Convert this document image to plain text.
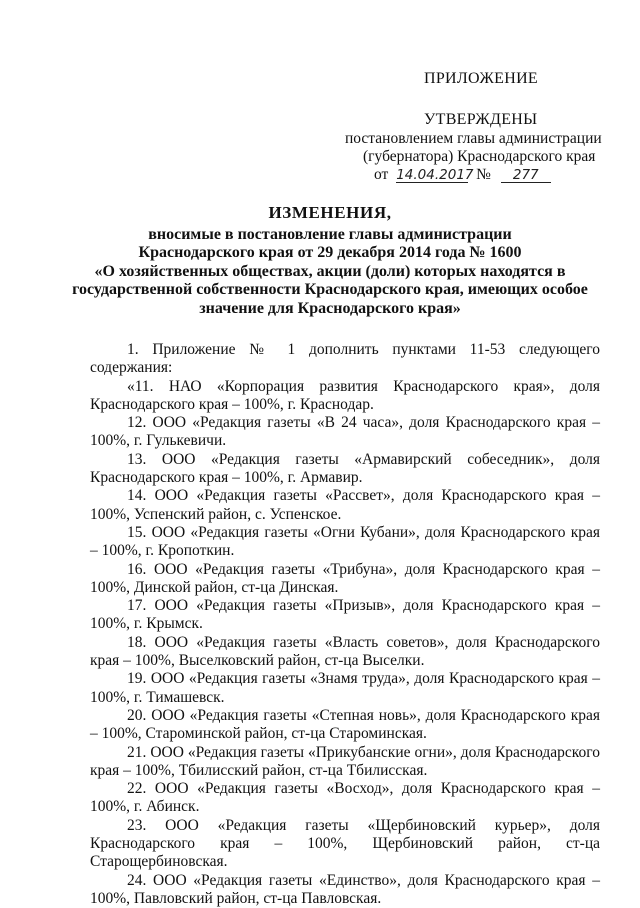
ПРИЛОЖЕНИЕ
УТВЕРЖДЕНЫ
постановлением главы администрации
(губернатора) Краснодарского края
от 14.04.2017 № 277
ИЗМЕНЕНИЯ,
вносимые в постановление главы администрации
Краснодарского края от 29 декабря 2014 года № 1600
«О хозяйственных обществах, акции (доли) которых находятся в
государственной собственности Краснодарского края, имеющих особое
значение для Краснодарского края»

1. Приложение № 1 дополнить пунктами 11-53 следующего содержания:

«11. НАО «Корпорация развития Краснодарского края», доля Краснодарского края – 100%, г. Краснодар.

12. ООО «Редакция газеты «В 24 часа», доля Краснодарского края – 100%, г. Гулькевичи.

13. ООО «Редакция газеты «Армавирский собеседник», доля Краснодарского края – 100%, г. Армавир.

14. ООО «Редакция газеты «Рассвет», доля Краснодарского края – 100%, Успенский район, с. Успенское.

15. ООО «Редакция газеты «Огни Кубани», доля Краснодарского края – 100%, г. Кропоткин.

16. ООО «Редакция газеты «Трибуна», доля Краснодарского края – 100%, Динской район, ст-ца Динская.

17. ООО «Редакция газеты «Призыв», доля Краснодарского края – 100%, г. Крымск.

18. ООО «Редакция газеты «Власть советов», доля Краснодарского края – 100%, Выселковский район, ст-ца Выселки.

19. ООО «Редакция газеты «Знамя труда», доля Краснодарского края – 100%, г. Тимашевск.

20. ООО «Редакция газеты «Степная новь», доля Краснодарского края – 100%, Староминской район, ст-ца Староминская.

21. ООО «Редакция газеты «Прикубанские огни», доля Краснодарского края – 100%, Тбилисский район, ст-ца Тбилисская.

22. ООО «Редакция газеты «Восход», доля Краснодарского края – 100%, г. Абинск.

23. ООО «Редакция газеты «Щербиновский курьер», доля Краснодарского края – 100%, Щербиновский район, ст-ца Старощербиновская.

24. ООО «Редакция газеты «Единство», доля Краснодарского края – 100%, Павловский район, ст-ца Павловская.
